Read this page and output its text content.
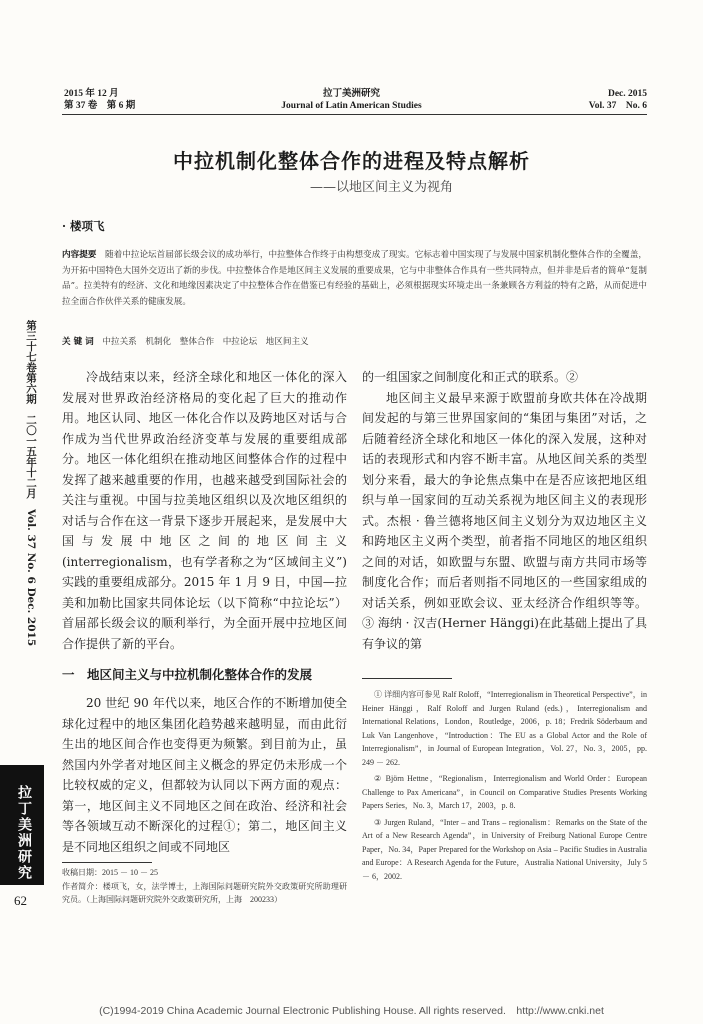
2015 年 12 月
第 37 卷　第 6 期
拉丁美洲研究
Journal of Latin American Studies
Dec. 2015
Vol. 37　No. 6
中拉机制化整体合作的进程及特点解析
——以地区间主义为视角
· 楼项飞
内容提要　 随着中拉论坛首届部长级会议的成功举行，中拉整体合作终于由构想变成了现实。它标志着中国实现了与发展中国家机制化整体合作的全覆盖，为开拓中国特色大国外交迈出了新的步伐。中拉整体合作是地区间主义发展的重要成果，它与中非整体合作具有一些共同特点，但并非是后者的简单“复制品”。拉美特有的经济、文化和地缘因素决定了中拉整体合作在借鉴已有经验的基础上，必须根据现实环境走出一条兼顾各方利益的特有之路，从而促进中拉全面合作伙伴关系的健康发展。
关 键 词　 中拉关系　机制化　整体合作　中拉论坛　地区间主义

冷战结束以来，经济全球化和地区一体化的深入发展对世界政治经济格局的变化起了巨大的推动作用。地区认同、地区一体化合作以及跨地区对话与合作成为当代世界政治经济变革与发展的重要组成部分。地区一体化组织在推动地区间整体合作的过程中发挥了越来越重要的作用，也越来越受到国际社会的关注与重视。中国与拉美地区组织以及次地区组织的对话与合作在这一背景下逐步开展起来，是发展中大国与发展中地区之间的地区间主义(interregionalism，也有学者称之为“区域间主义”)实践的重要组成部分。2015 年 1 月 9 日，中国—拉美和加勒比国家共同体论坛（以下简称“中拉论坛”）首届部长级会议的顺利举行，为全面开展中拉地区间合作提供了新的平台。

一　地区间主义与中拉机制化整体合作的发展

20 世纪 90 年代以来，地区合作的不断增加使全球化过程中的地区集团化趋势越来越明显，而由此衍生出的地区间合作也变得更为频繁。到目前为止，虽然国内外学者对地区间主义概念的界定仍未形成一个比较权威的定义，但都较为认同以下两方面的观点：第一，地区间主义不同地区之间在政治、经济和社会等各领域互动不断深化的过程①；第二，地区间主义是不同地区组织之间或不同地区

收稿日期：2015 － 10 － 25
作者简介：楼项飞，女，法学博士，上海国际问题研究院外交政策研究所助理研究员。（上海国际问题研究院外交政策研究所，上海　200233）

的一组国家之间制度化和正式的联系。②

地区间主义最早来源于欧盟前身欧共体在冷战期间发起的与第三世界国家间的“集团与集团”对话，之后随着经济全球化和地区一体化的深入发展，这种对话的表现形式和内容不断丰富。从地区间关系的类型划分来看，最大的争论焦点集中在是否应该把地区组织与单一国家间的互动关系视为地区间主义的表现形式。杰根 · 鲁兰德将地区间主义划分为双边地区主义和跨地区主义两个类型，前者指不同地区的地区组织之间的对话，如欧盟与东盟、欧盟与南方共同市场等制度化合作；而后者则指不同地区的一些国家组成的对话关系，例如亚欧会议、亚太经济合作组织等等。③ 海纳 · 汉吉(Herner Hänggi)在此基础上提出了具有争议的第

① 详细内容可参见 Ralf Roloff，“Interregionalism in Theoretical Perspective”，in Heiner Hänggi，Ralf Roloff and Jurgen Ruland (eds.)，Interregionalism and International Relations，London，Routledge，2006，p. 18；Fredrik Söderbaum and Luk Van Langenhove，“Introduction：The EU as a Global Actor and the Role of Interregionalism”，in Journal of European Integration，Vol. 27，No. 3，2005，pp. 249 － 262.

② Björn Hettne，“Regionalism，Interregionalism and World Order：European Challenge to Pax Americana”，in Council on Comparative Studies Presents Working Papers Series，No. 3，March 17，2003，p. 8.

③ Jurgen Ruland，“Inter – and Trans – regionalism：Remarks on the State of the Art of a New Research Agenda”，in University of Freiburg National Europe Centre Paper，No. 34，Paper Prepared for the Workshop on Asia – Pacific Studies in Australia and Europe：A Research Agenda for the Future，Australia National University，July 5 － 6，2002.

第三十七卷第六期　二〇一五年十二月　Vol. 37 No. 6 Dec. 2015
拉丁美洲研究
62
(C)1994-2019 China Academic Journal Electronic Publishing House. All rights reserved.　http://www.cnki.net
